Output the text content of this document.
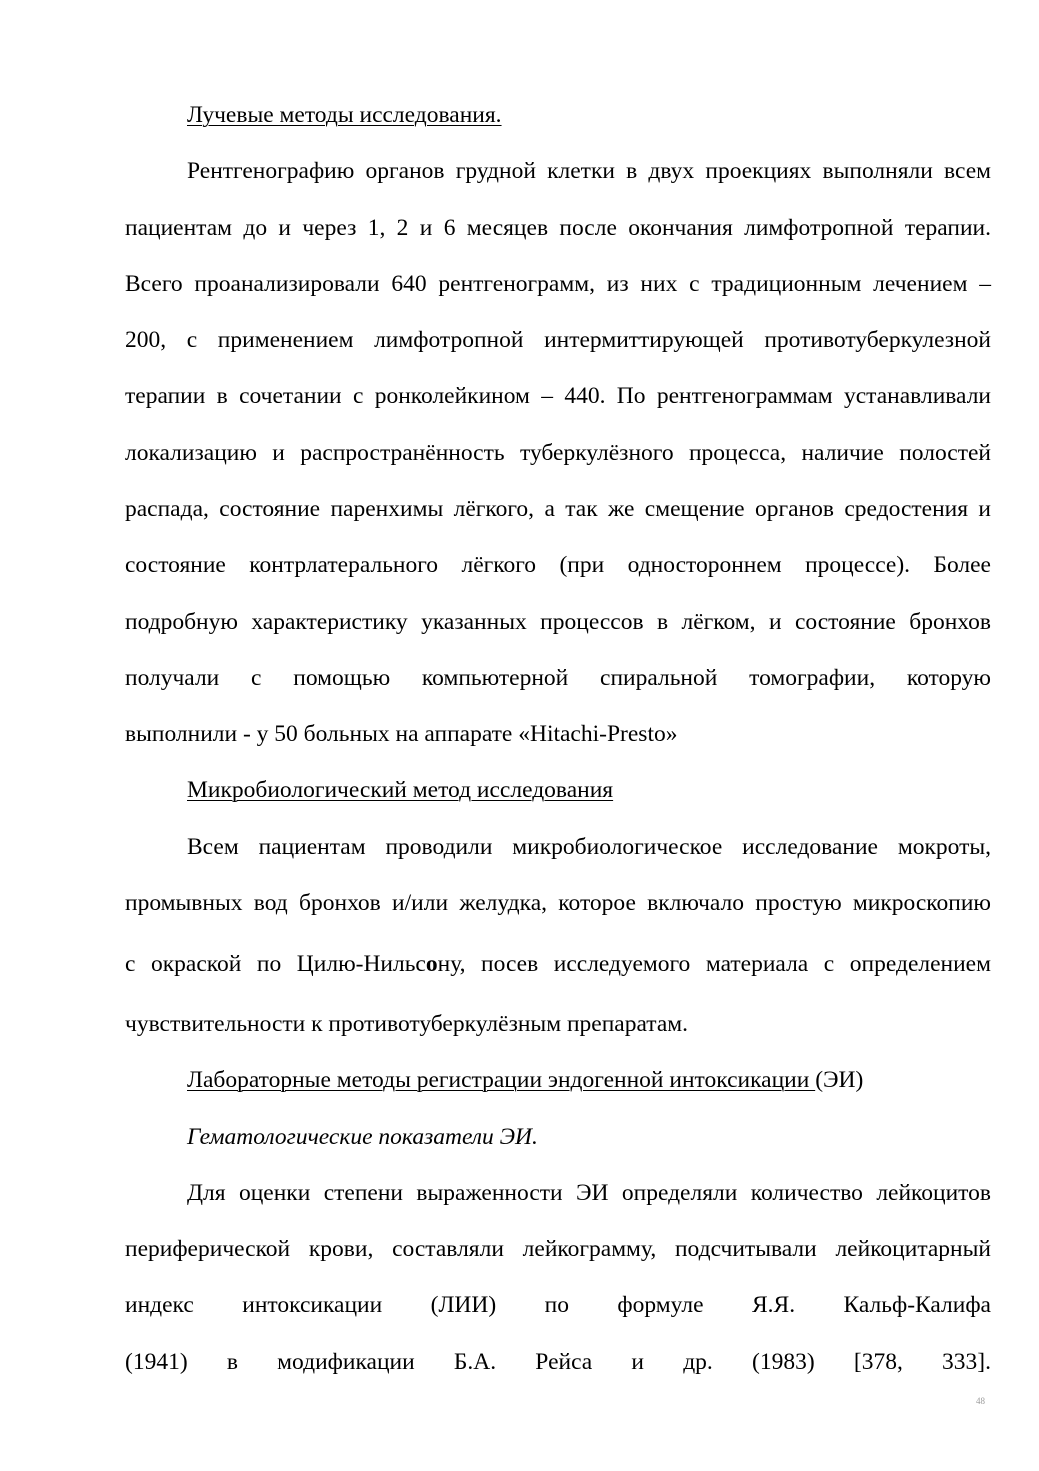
Лучевые методы исследования.
Рентгенографию органов грудной клетки в двух проекциях выполняли всем
пациентам до и через 1, 2 и 6 месяцев после окончания лимфотропной терапии.
Всего проанализировали 640 рентгенограмм, из них с традиционным лечением –
200, с применением лимфотропной интермиттирующей противотуберкулезной
терапии в сочетании с ронколейкином – 440. По рентгенограммам устанавливали
локализацию и распространённость туберкулёзного процесса, наличие полостей
распада, состояние паренхимы лёгкого, а так же смещение органов средостения и
состояние контрлатерального лёгкого (при одностороннем процессе). Более
подробную характеристику указанных процессов в лёгком, и состояние бронхов
получали с помощью компьютерной спиральной томографии, которую
выполнили - у 50 больных на аппарате «Hitachi-Presto»
Микробиологический метод исследования
Всем пациентам проводили микробиологическое исследование мокроты,
промывных вод бронхов и/или желудка, которое включало простую микроскопию
с окраской по Цилю-Нильсону, посев исследуемого материала с определением
чувствительности к противотуберкулёзным препаратам.
Лабораторные методы регистрации эндогенной интоксикации (ЭИ)
Гематологические показатели ЭИ.
Для оценки степени выраженности ЭИ определяли количество лейкоцитов
периферической крови, составляли лейкограмму, подсчитывали лейкоцитарный
индекс интоксикации (ЛИИ) по формуле Я.Я. Кальф-Калифа
(1941) в модификации Б.А. Рейса и др. (1983) [378, 333].
48
